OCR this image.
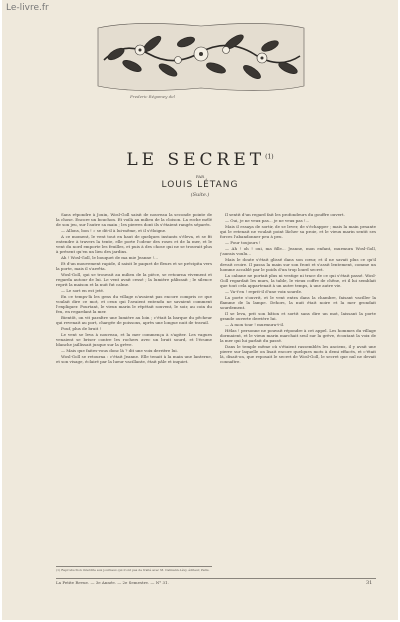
Le-livre.fr
Frederic Régamey del
LE SECRET$^{(1)}$
PAR
LOUIS LÉTANG
(Suite.)

Sans répondre à Jouin, Wosl-Goll saisit de nouveau la seconde pointe de la chose. Encore un bouchon. Et voilà au milieu de la cloison. La roche mélé de son jeu, sur l'autre sa main ; les pierres dont ils s'étaient rangés séparés.

— Allons, bon ! » se dit-il à lui-même, et il s'éloigne.

A ce moment, le vent tout en haut de quelques instants s'éleva, et se fit entendre à travers la tente, elle porte l'odeur des roses et de la mer, et le vent du nord emporte les feuilles, et puis à des chose qui ne se trouvait plus à présent qu'en un lieu des jardins.

Ah ! Wosl-Goll, le bouquet de ma mie Jeanne !...

Et d'un mouvement rapide, il saisit le paquet de fleurs et se précipita vers la porte, mais il s'arrêta.

Wosl-Goll, qui se trouvait au milieu de la pièce, se retourna vivement et regarda autour de lui. Le vent avait cessé ; la lumière pâlissait ; le silence reprit la maison et la nuit fut calme.

— Le sort en est jeté.

En ce temps-là les gens du village n'avaient pas encore compris ce que voulait dire ce mot, et ceux qui l'avaient entendu ne savaient comment l'expliquer. Pourtant, le vieux marin le répétait souvent, le soir, au coin du feu, en regardant la mer.

Bientôt, on vit paraître une lumière au loin ; c'était la barque du pêcheur qui revenait au port, chargée de poissons, après une longue nuit de travail.

Pouf, plus de bruit !

Le vent se leva à nouveau, et la mer commença à s'agiter. Les vagues venaient se briser contre les rochers avec un bruit sourd, et l'écume blanche jaillissait jusque sur la grève.

— Mais que faites-vous donc là ? dit une voix derrière lui.

Wosl-Goll se retourna : c'était Jeanne. Elle tenait à la main une lanterne, et son visage, éclairé par la lueur vacillante, était pâle et inquiet.

Il sentit d'un regard fait les profondeurs du gouffre ouvert.

— Oui, je ne veux pas... je ne veux pas !...

Mais il essaya de sortir, de se lever, de s'échapper ; mais la main pesante qui le retenait ne voulait point lâcher sa proie, et le vieux marin sentit ses forces l'abandonner peu à peu.

— Pour toujours !

— Ah ! oh ! oui, ma fille... Jeanne, mon enfant, murmura Wosl-Goll, j'aurais voulu...

Mais le doute s'était glissé dans son cœur, et il ne savait plus ce qu'il devait croire. Il passa la main sur son front et s'assit lentement, comme un homme accablé par le poids d'un trop lourd secret.

La cabane ne portait plus ni vestige ni trace de ce qui s'était passé. Wosl-Goll regardait les murs, la table, le vieux coffre de chêne, et il lui semblait que tout cela appartenait à un autre temps, à une autre vie.

— Va-t'en ! reprit-il d'une voix sourde.

La porte s'ouvrit, et le vent entra dans la chambre, faisant vaciller la flamme de la lampe. Dehors, la nuit était noire et la mer grondait sourdement.

Il se leva, prit son bâton et sortit sans dire un mot, laissant la porte grande ouverte derrière lui.

— A mon tour ! murmura-t-il.

Hélas ! personne ne pouvait répondre à cet appel. Les hommes du village dormaient, et le vieux marin marchait seul sur la grève, écoutant la voix de la mer qui lui parlait du passé.

Dans le temple même où s'étaient rassemblés les anciens, il y avait une pierre sur laquelle on lisait encore quelques mots à demi effacés, et c'était là, disait-on, que reposait le secret de Wosl-Goll, le secret que nul ne devait connaître.

(1) Reproduction interdite aux journaux qui n'ont pas de traité avec M. Calmann-Lévy, éditeur, Paris.

La Petite Revue. — 3e Année. — 2e Semestre. — N° 31.	31
